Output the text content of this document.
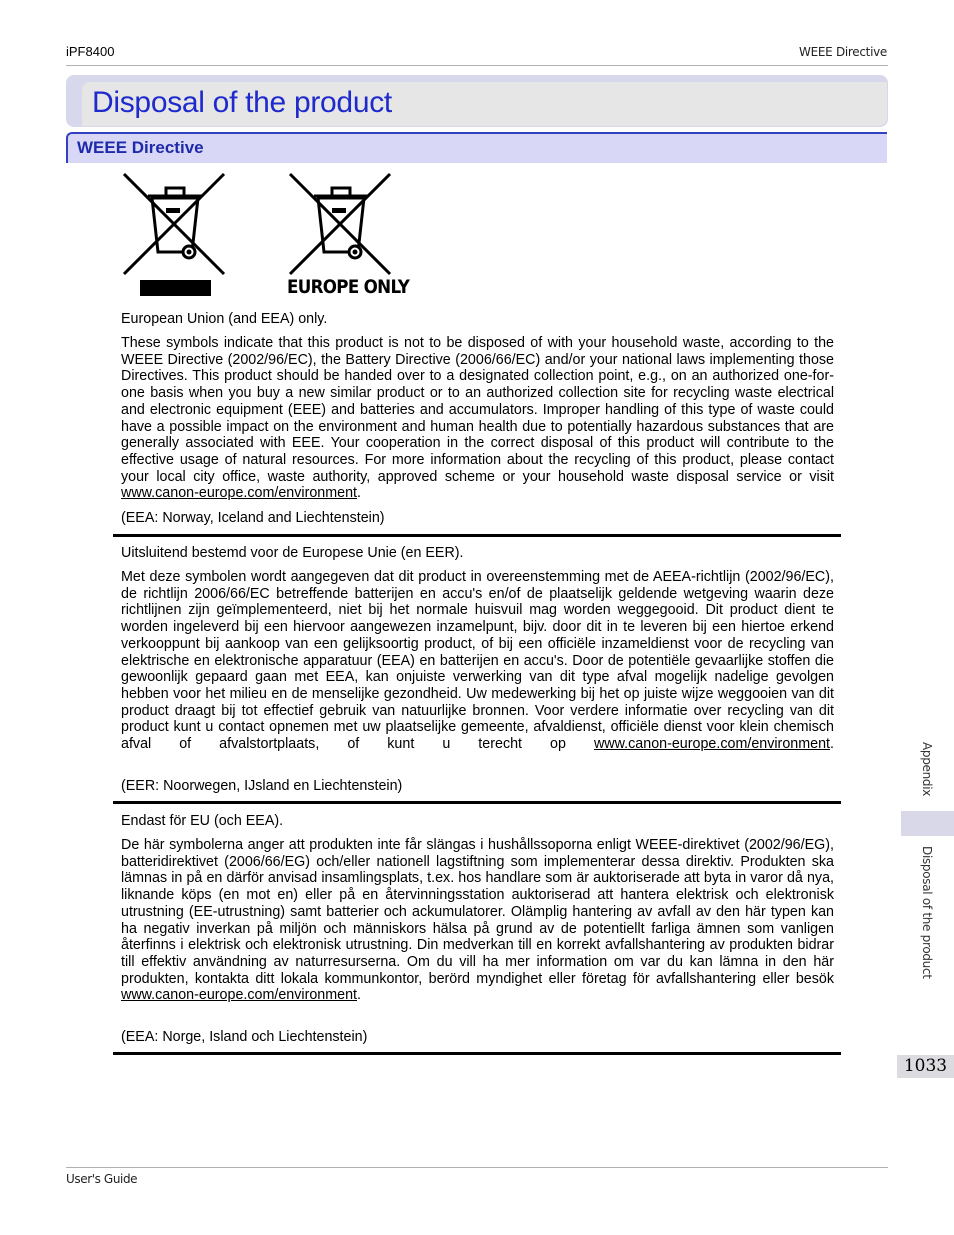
iPF8400	WEEE Directive
Disposal of the product
WEEE Directive
EUROPE ONLY
European Union (and EEA) only.
These symbols indicate that this product is not to be disposed of with your household waste, according to the WEEE Directive (2002/96/EC), the Battery Directive (2006/66/EC) and/or your national laws implementing those Directives. This product should be handed over to a designated collection point, e.g., on an authorized one-for-one basis when you buy a new similar product or to an authorized collection site for recycling waste electrical and electronic equipment (EEE) and batteries and accumulators. Improper handling of this type of waste could have a possible impact on the environment and human health due to potentially hazardous substances that are generally associated with EEE. Your cooperation in the correct disposal of this product will contribute to the effective usage of natural resources. For more information about the recycling of this product, please contact your local city office, waste authority, approved scheme or your household waste disposal service or visit www.canon-europe.com/environment.
(EEA: Norway, Iceland and Liechtenstein)
Uitsluitend bestemd voor de Europese Unie (en EER).
Met deze symbolen wordt aangegeven dat dit product in overeenstemming met de AEEA-richtlijn (2002/96/EC), de richtlijn 2006/66/EC betreffende batterijen en accu's en/of de plaatselijk geldende wetgeving waarin deze richtlijnen zijn geïmplementeerd, niet bij het normale huisvuil mag worden weggegooid. Dit product dient te worden ingeleverd bij een hiervoor aangewezen inzamelpunt, bijv. door dit in te leveren bij een hiertoe erkend verkooppunt bij aankoop van een gelijksoortig product, of bij een officiële inzameldienst voor de recycling van elektrische en elektronische apparatuur (EEA) en batterijen en accu's. Door de potentiële gevaarlijke stoffen die gewoonlijk gepaard gaan met EEA, kan onjuiste verwerking van dit type afval mogelijk nadelige gevolgen hebben voor het milieu en de menselijke gezondheid. Uw medewerking bij het op juiste wijze weggooien van dit product draagt bij tot effectief gebruik van natuurlijke bronnen. Voor verdere informatie over recycling van dit product kunt u contact opnemen met uw plaatselijke gemeente, afvaldienst, officiële dienst voor klein chemisch afval of afvalstortplaats, of kunt u terecht op www.canon-europe.com/environment.
(EER: Noorwegen, IJsland en Liechtenstein)
Endast för EU (och EEA).
De här symbolerna anger att produkten inte får slängas i hushållssoporna enligt WEEE-direktivet (2002/96/EG), batteridirektivet (2006/66/EG) och/eller nationell lagstiftning som implementerar dessa direktiv. Produkten ska lämnas in på en därför anvisad insamlingsplats, t.ex. hos handlare som är auktoriserade att byta in varor då nya, liknande köps (en mot en) eller på en återvinningsstation auktoriserad att hantera elektrisk och elektronisk utrustning (EE-utrustning) samt batterier och ackumulatorer. Olämplig hantering av avfall av den här typen kan ha negativ inverkan på miljön och människors hälsa på grund av de potentiellt farliga ämnen som vanligen återfinns i elektrisk och elektronisk utrustning. Din medverkan till en korrekt avfallshantering av produkten bidrar till effektiv användning av naturresurserna. Om du vill ha mer information om var du kan lämna in den här produkten, kontakta ditt lokala kommunkontor, berörd myndighet eller företag för avfallshantering eller besök www.canon-europe.com/environment.
(EEA: Norge, Island och Liechtenstein)
Appendix
Disposal of the product
1033
User's Guide
